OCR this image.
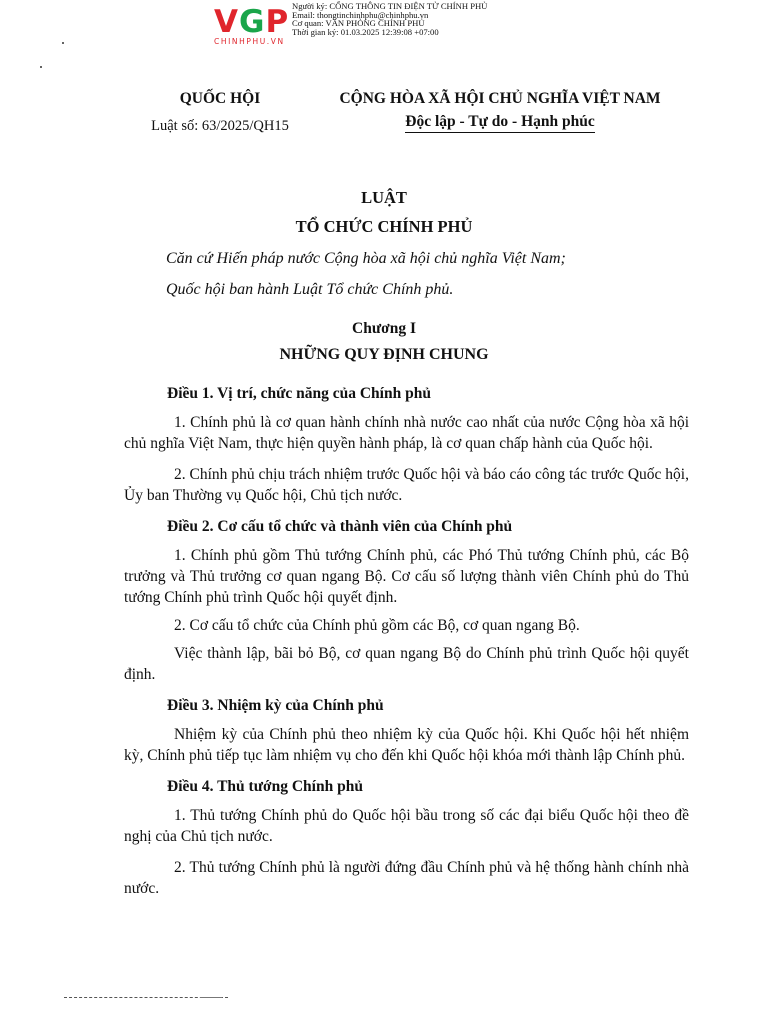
VGP
CHINHPHU.VN
Người ký: CỔNG THÔNG TIN ĐIỆN TỬ CHÍNH PHỦ
Email: thongtinchinhphu@chinhphu.vn
Cơ quan: VĂN PHÒNG CHÍNH PHỦ
Thời gian ký: 01.03.2025 12:39:08 +07:00
QUỐC HỘI
Luật số: 63/2025/QH15
CỘNG HÒA XÃ HỘI CHỦ NGHĨA VIỆT NAM
Độc lập - Tự do - Hạnh phúc
LUẬT
TỔ CHỨC CHÍNH PHỦ
Căn cứ Hiến pháp nước Cộng hòa xã hội chủ nghĩa Việt Nam;
Quốc hội ban hành Luật Tổ chức Chính phủ.
Chương I
NHỮNG QUY ĐỊNH CHUNG
Điều 1. Vị trí, chức năng của Chính phủ
1. Chính phủ là cơ quan hành chính nhà nước cao nhất của nước Cộng hòa xã hội chủ nghĩa Việt Nam, thực hiện quyền hành pháp, là cơ quan chấp hành của Quốc hội.
2. Chính phủ chịu trách nhiệm trước Quốc hội và báo cáo công tác trước Quốc hội, Ủy ban Thường vụ Quốc hội, Chủ tịch nước.
Điều 2. Cơ cấu tổ chức và thành viên của Chính phủ
1. Chính phủ gồm Thủ tướng Chính phủ, các Phó Thủ tướng Chính phủ, các Bộ trưởng và Thủ trưởng cơ quan ngang Bộ. Cơ cấu số lượng thành viên Chính phủ do Thủ tướng Chính phủ trình Quốc hội quyết định.
2. Cơ cấu tổ chức của Chính phủ gồm các Bộ, cơ quan ngang Bộ.
Việc thành lập, bãi bỏ Bộ, cơ quan ngang Bộ do Chính phủ trình Quốc hội quyết định.
Điều 3. Nhiệm kỳ của Chính phủ
Nhiệm kỳ của Chính phủ theo nhiệm kỳ của Quốc hội. Khi Quốc hội hết nhiệm kỳ, Chính phủ tiếp tục làm nhiệm vụ cho đến khi Quốc hội khóa mới thành lập Chính phủ.
Điều 4. Thủ tướng Chính phủ
1. Thủ tướng Chính phủ do Quốc hội bầu trong số các đại biểu Quốc hội theo đề nghị của Chủ tịch nước.
2. Thủ tướng Chính phủ là người đứng đầu Chính phủ và hệ thống hành chính nhà nước.
